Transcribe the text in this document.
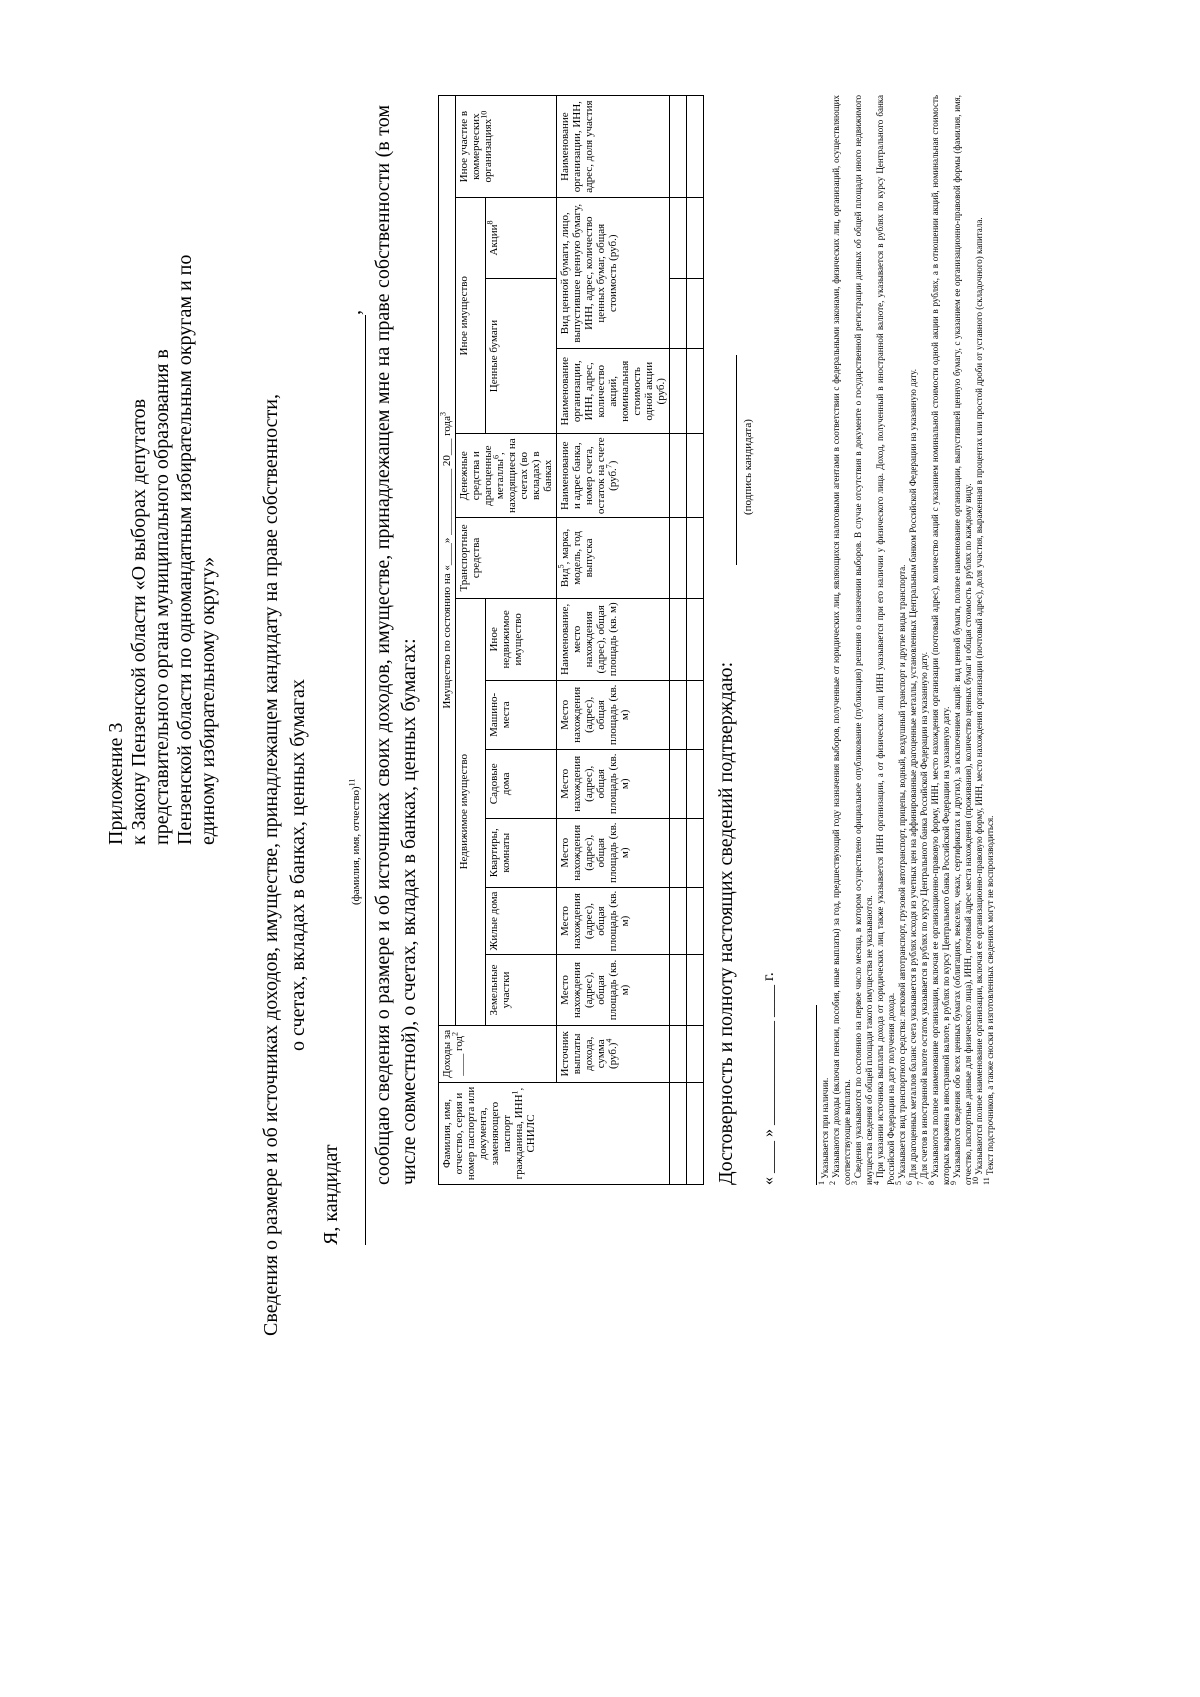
Приложение 3 к Закону Пензенской области «О выборах депутатов представительного органа муниципального образования в Пензенской области по одномандатным избирательным округам и по единому избирательному округу» Сведения о размере и об источниках доходов, имуществе, принадлежащем кандидату на праве собственности, о счетах, вкладах в банках, ценных бумагах
Я, кандидат ,
(фамилия, имя, отчество)$^{11}$ сообщаю сведения о размере и об источниках своих доходов, имуществе, принадлежащем мне на праве собственности (в том числе совместной), о счетах, вкладах в банках, ценных бумагах: Фамилия, имя, отчество, серия и номер паспорта или документа, заменяющего паспорт гражданина, ИНН$^1$, СНИЛС	Доходы за ____ год$^2$	Имущество по состоянию на «____» ____________ 20___ года$^3$
		Недвижимое имущество						Транспортные средства	Денежные средства и драгоценные металлы$^6$, находящиеся на счетах (во вкладах) в банках	Иное имущество			Иное участие в коммерческих организациях$^{10}$
		Земельные участки	Жилые дома	Квартиры, комнаты	Садовые дома	Машино-места	Иное недвижимое имущество			Ценные бумаги		Акции$^8$
	Источник выплаты дохода, сумма $(руб.)^4$	Место нахождения (адрес), общая площадь (кв. м)	Место нахождения (адрес), общая площадь (кв. м)	Место нахождения (адрес), общая площадь (кв. м)	Место нахождения (адрес), общая площадь (кв. м)	Место нахождения (адрес), общая площадь (кв. м)	Наименование, место нахождения (адрес), общая площадь (кв. м)	Вид$^5$, марка, модель, год выпуска	Наименование и адрес банка, номер счета, остаток на счете (руб.$^7$)	Наименование организации, ИНН, адрес, количество акций, номинальная стоимость одной акции (руб.)	Вид ценной бумаги, лицо, выпустившее ценную бумагу, ИНН, адрес, количество ценных бумаг, общая стоимость (руб.)		Наименование организации, ИНН, адрес, доля участия

Достоверность и полноту настоящих сведений подтверждаю:
(подпись кандидата)
« ____ » _____________ ____ г.

$^1$ Указывается при наличии.

$^2$ Указываются доходы (включая пенсии, пособия, иные выплаты) за год, предшествующий году назначения выборов, полученные от юридических лиц, являющихся налоговыми агентами в соответствии с федеральными законами, физических лиц, организаций, осуществляющих соответствующие выплаты.

$^3$ Сведения указываются по состоянию на первое число месяца, в котором осуществлено официальное опубликование (публикация) решения о назначении выборов. В случае отсутствия в документе о государственной регистрации данных об общей площади иного недвижимого имущества сведения об общей площади такого имущества не указываются.

$^4$ При указании источника выплаты дохода от юридических лиц также указывается ИНН организации, а от физических лиц ИНН указывается при его наличии у физического лица. Доход, полученный в иностранной валюте, указывается в рублях по курсу Центрального банка Российской Федерации на дату получения дохода.

$^5$ Указывается вид транспортного средства: легковой автотранспорт, грузовой автотранспорт, прицепы, водный, воздушный транспорт и другие виды транспорта.

$^6$ Для драгоценных металлов баланс счета указывается в рублях исходя из учетных цен на аффинированные драгоценные металлы, установленных Центральным банком Российской Федерации на указанную дату.

$^7$ Для счетов в иностранной валюте остаток указывается в рублях по курсу Центрального банка Российской Федерации на указанную дату.

$^8$ Указываются полное наименование организации, включая ее организационно-правовую форму, ИНН, место нахождения организации (почтовый адрес), количество акций с указанием номинальной стоимости одной акции в рублях, а в отношении акций, номинальная стоимость которых выражена в иностранной валюте, в рублях по курсу Центрального банка Российской Федерации на указанную дату.

$^9$ Указываются сведения обо всех ценных бумагах (облигациях, векселях, чеках, сертификатах и других), за исключением акций: вид ценной бумаги, полное наименование организации, выпустившей ценную бумагу, с указанием ее организационно-правовой формы (фамилия, имя, отчество, паспортные данные для физического лица), ИНН, почтовый адрес места нахождения (проживания), количество ценных бумаг и общая стоимость в рублях по каждому виду.

$^{10}$ Указываются полное наименование организации, включая ее организационно-правовую форму, ИНН, место нахождения организации (почтовый адрес), доля участия, выраженная в процентах или простой дроби от уставного (складочного) капитала.

$^{11}$ Текст подстрочников, а также сноски в изготовленных сведениях могут не воспроизводиться.
